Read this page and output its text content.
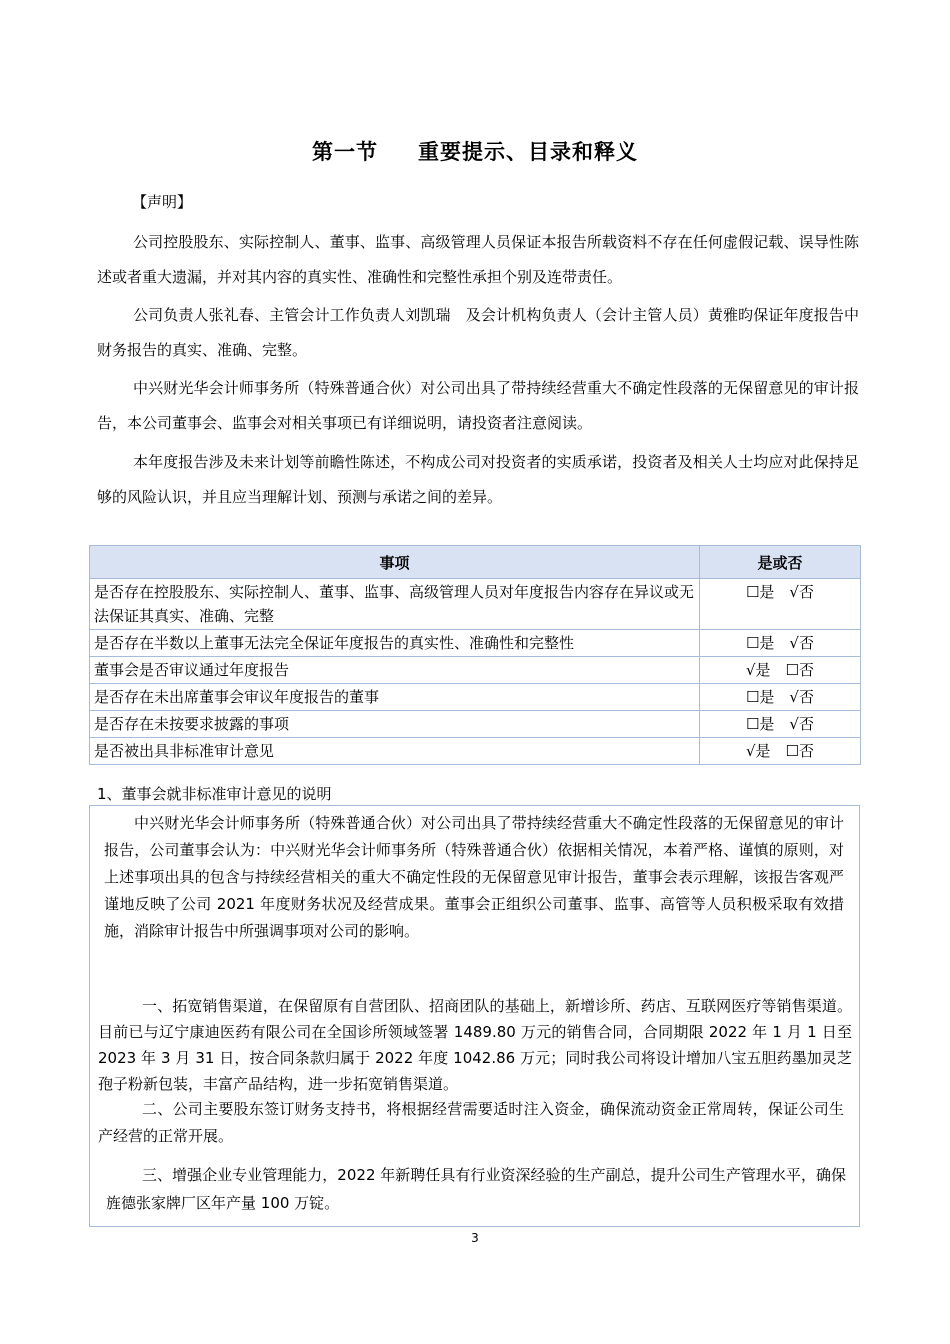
第一节 重要提示、目录和释义
【声明】
公司控股股东、实际控制人、董事、监事、高级管理人员保证本报告所载资料不存在任何虚假记载、误导性陈述或者重大遗漏，并对其内容的真实性、准确性和完整性承担个别及连带责任。
公司负责人张礼春、主管会计工作负责人刘凯瑞　及会计机构负责人（会计主管人员）黄雅昀保证年度报告中财务报告的真实、准确、完整。
中兴财光华会计师事务所（特殊普通合伙）对公司出具了带持续经营重大不确定性段落的无保留意见的审计报告，本公司董事会、监事会对相关事项已有详细说明，请投资者注意阅读。
本年度报告涉及未来计划等前瞻性陈述，不构成公司对投资者的实质承诺，投资者及相关人士均应对此保持足够的风险认识，并且应当理解计划、预测与承诺之间的差异。
事项	是或否
是否存在控股股东、实际控制人、董事、监事、高级管理人员对年度报告内容存在异议或无法保证其真实、准确、完整	☐是　√否
是否存在半数以上董事无法完全保证年度报告的真实性、准确性和完整性	☐是　√否
董事会是否审议通过年度报告	√是　☐否
是否存在未出席董事会审议年度报告的董事	☐是　√否
是否存在未按要求披露的事项	☐是　√否
是否被出具非标准审计意见	√是　☐否
1、董事会就非标准审计意见的说明

中兴财光华会计师事务所（特殊普通合伙）对公司出具了带持续经营重大不确定性段落的无保留意见的审计报告，公司董事会认为：中兴财光华会计师事务所（特殊普通合伙）依据相关情况，本着严格、谨慎的原则，对上述事项出具的包含与持续经营相关的重大不确定性段的无保留意见审计报告，董事会表示理解，该报告客观严谨地反映了公司 2021 年度财务状况及经营成果。董事会正组织公司董事、监事、高管等人员积极采取有效措施，消除审计报告中所强调事项对公司的影响。

一、拓宽销售渠道，在保留原有自营团队、招商团队的基础上，新增诊所、药店、互联网医疗等销售渠道。目前已与辽宁康迪医药有限公司在全国诊所领域签署 1489.80 万元的销售合同，合同期限 2022 年 1 月 1 日至 2023 年 3 月 31 日，按合同条款归属于 2022 年度 1042.86 万元；同时我公司将设计增加八宝五胆药墨加灵芝孢子粉新包装，丰富产品结构，进一步拓宽销售渠道。

二、公司主要股东签订财务支持书，将根据经营需要适时注入资金，确保流动资金正常周转，保证公司生产经营的正常开展。

三、增强企业专业管理能力，2022 年新聘任具有行业资深经验的生产副总，提升公司生产管理水平，确保旌德张家牌厂区年产量 100 万锭。

3
